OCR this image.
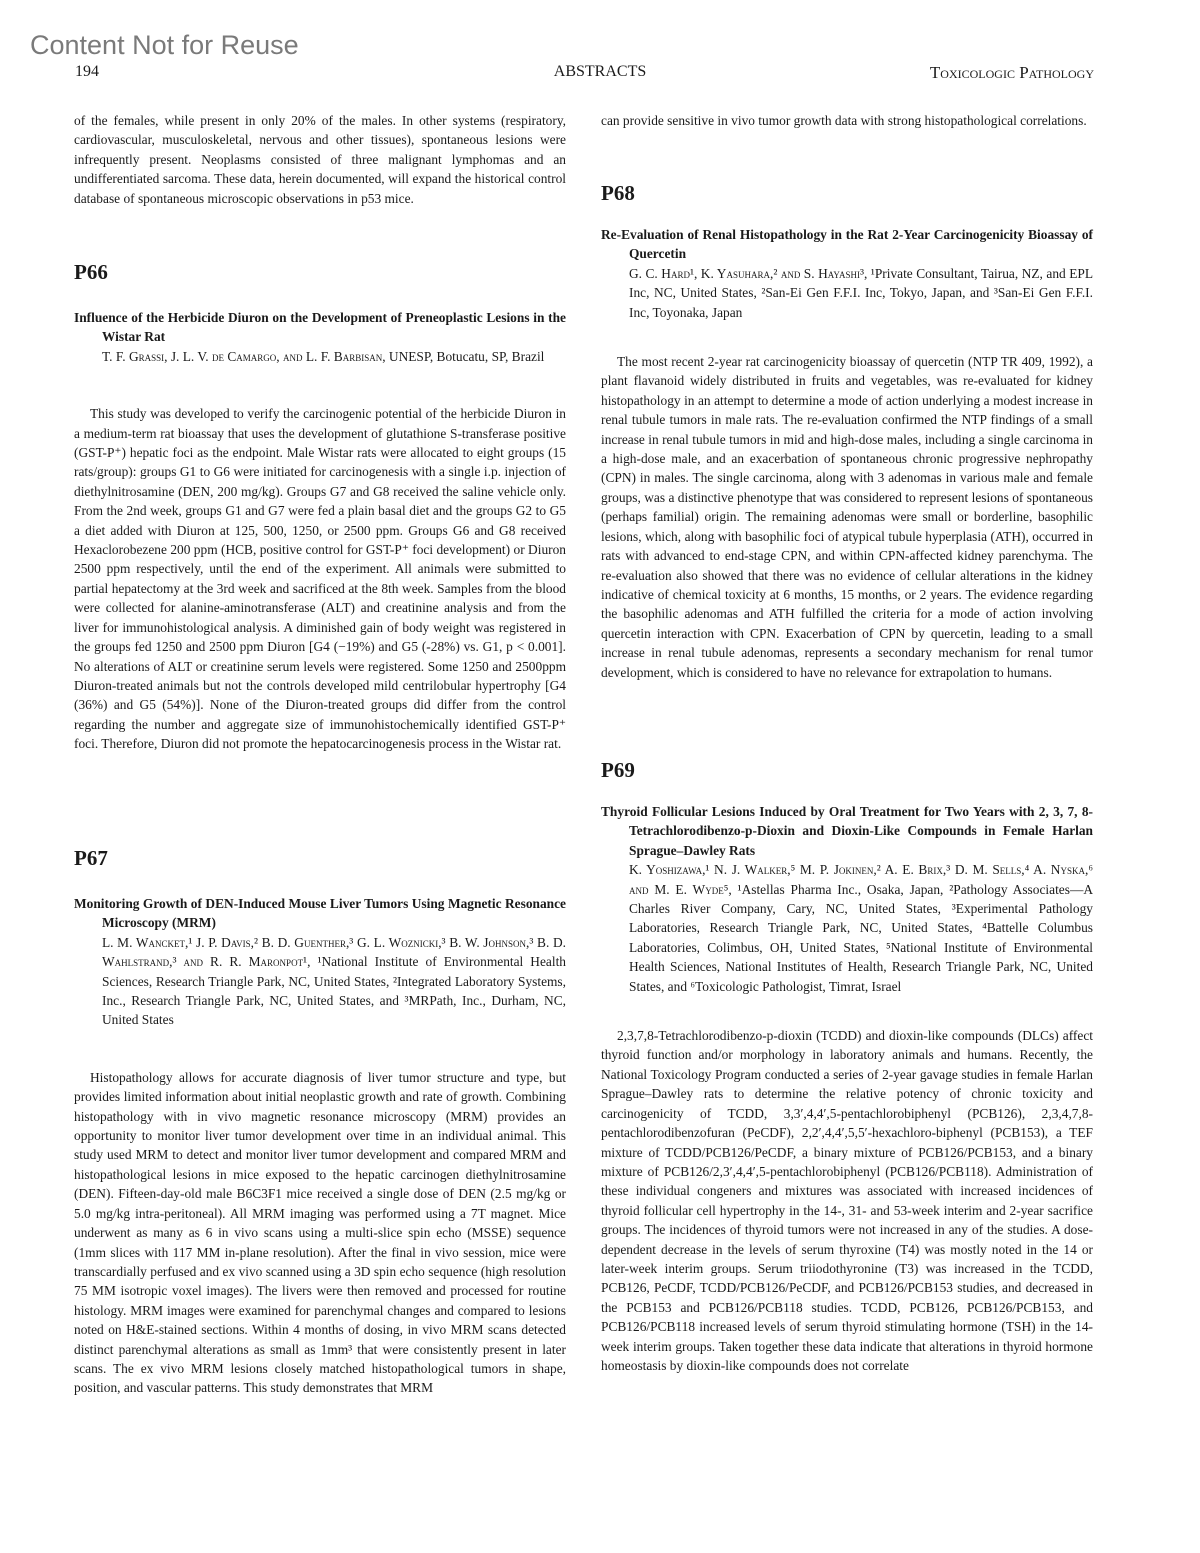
Content Not for Reuse
194	ABSTRACTS	Toxicologic Pathology
of the females, while present in only 20% of the males. In other systems (respiratory, cardiovascular, musculoskeletal, nervous and other tissues), spontaneous lesions were infrequently present. Neoplasms consisted of three malignant lymphomas and an undifferentiated sarcoma. These data, herein documented, will expand the historical control database of spontaneous microscopic observations in p53 mice.

P66

Influence of the Herbicide Diuron on the Development of Preneoplastic Lesions in the Wistar Rat

T. F. Grassi, J. L. V. de Camargo, and L. F. Barbisan, UNESP, Botucatu, SP, Brazil

This study was developed to verify the carcinogenic potential of the herbicide Diuron in a medium-term rat bioassay that uses the development of glutathione S-transferase positive (GST-P⁺) hepatic foci as the endpoint. Male Wistar rats were allocated to eight groups (15 rats/group): groups G1 to G6 were initiated for carcinogenesis with a single i.p. injection of diethylnitrosamine (DEN, 200 mg/kg). Groups G7 and G8 received the saline vehicle only. From the 2nd week, groups G1 and G7 were fed a plain basal diet and the groups G2 to G5 a diet added with Diuron at 125, 500, 1250, or 2500 ppm. Groups G6 and G8 received Hexaclorobezene 200 ppm (HCB, positive control for GST-P⁺ foci development) or Diuron 2500 ppm respectively, until the end of the experiment. All animals were submitted to partial hepatectomy at the 3rd week and sacrificed at the 8th week. Samples from the blood were collected for alanine-aminotransferase (ALT) and creatinine analysis and from the liver for immunohistological analysis. A diminished gain of body weight was registered in the groups fed 1250 and 2500 ppm Diuron [G4 (−19%) and G5 (-28%) vs. G1, p < 0.001]. No alterations of ALT or creatinine serum levels were registered. Some 1250 and 2500ppm Diuron-treated animals but not the controls developed mild centrilobular hypertrophy [G4 (36%) and G5 (54%)]. None of the Diuron-treated groups did differ from the control regarding the number and aggregate size of immunohistochemically identified GST-P⁺ foci. Therefore, Diuron did not promote the hepatocarcinogenesis process in the Wistar rat.

P67

Monitoring Growth of DEN-Induced Mouse Liver Tumors Using Magnetic Resonance Microscopy (MRM)

L. M. Wancket,¹ J. P. Davis,² B. D. Guenther,³ G. L. Woznicki,³ B. W. Johnson,³ B. D. Wahlstrand,³ and R. R. Maronpot¹, ¹National Institute of Environmental Health Sciences, Research Triangle Park, NC, United States, ²Integrated Laboratory Systems, Inc., Research Triangle Park, NC, United States, and ³MRPath, Inc., Durham, NC, United States

Histopathology allows for accurate diagnosis of liver tumor structure and type, but provides limited information about initial neoplastic growth and rate of growth. Combining histopathology with in vivo magnetic resonance microscopy (MRM) provides an opportunity to monitor liver tumor development over time in an individual animal. This study used MRM to detect and monitor liver tumor development and compared MRM and histopathological lesions in mice exposed to the hepatic carcinogen diethylnitrosamine (DEN). Fifteen-day-old male B6C3F1 mice received a single dose of DEN (2.5 mg/kg or 5.0 mg/kg intra-peritoneal). All MRM imaging was performed using a 7T magnet. Mice underwent as many as 6 in vivo scans using a multi-slice spin echo (MSSE) sequence (1mm slices with 117 MM in-plane resolution). After the final in vivo session, mice were transcardially perfused and ex vivo scanned using a 3D spin echo sequence (high resolution 75 MM isotropic voxel images). The livers were then removed and processed for routine histology. MRM images were examined for parenchymal changes and compared to lesions noted on H&E-stained sections. Within 4 months of dosing, in vivo MRM scans detected distinct parenchymal alterations as small as 1mm³ that were consistently present in later scans. The ex vivo MRM lesions closely matched histopathological tumors in shape, position, and vascular patterns. This study demonstrates that MRM

can provide sensitive in vivo tumor growth data with strong histopathological correlations.

P68

Re-Evaluation of Renal Histopathology in the Rat 2-Year Carcinogenicity Bioassay of Quercetin

G. C. Hard¹, K. Yasuhara,² and S. Hayashi³, ¹Private Consultant, Tairua, NZ, and EPL Inc, NC, United States, ²San-Ei Gen F.F.I. Inc, Tokyo, Japan, and ³San-Ei Gen F.F.I. Inc, Toyonaka, Japan

The most recent 2-year rat carcinogenicity bioassay of quercetin (NTP TR 409, 1992), a plant flavanoid widely distributed in fruits and vegetables, was re-evaluated for kidney histopathology in an attempt to determine a mode of action underlying a modest increase in renal tubule tumors in male rats. The re-evaluation confirmed the NTP findings of a small increase in renal tubule tumors in mid and high-dose males, including a single carcinoma in a high-dose male, and an exacerbation of spontaneous chronic progressive nephropathy (CPN) in males. The single carcinoma, along with 3 adenomas in various male and female groups, was a distinctive phenotype that was considered to represent lesions of spontaneous (perhaps familial) origin. The remaining adenomas were small or borderline, basophilic lesions, which, along with basophilic foci of atypical tubule hyperplasia (ATH), occurred in rats with advanced to end-stage CPN, and within CPN-affected kidney parenchyma. The re-evaluation also showed that there was no evidence of cellular alterations in the kidney indicative of chemical toxicity at 6 months, 15 months, or 2 years. The evidence regarding the basophilic adenomas and ATH fulfilled the criteria for a mode of action involving quercetin interaction with CPN. Exacerbation of CPN by quercetin, leading to a small increase in renal tubule adenomas, represents a secondary mechanism for renal tumor development, which is considered to have no relevance for extrapolation to humans.

P69

Thyroid Follicular Lesions Induced by Oral Treatment for Two Years with 2, 3, 7, 8-Tetrachlorodibenzo-p-Dioxin and Dioxin-Like Compounds in Female Harlan Sprague–Dawley Rats

K. Yoshizawa,¹ N. J. Walker,⁵ M. P. Jokinen,² A. E. Brix,³ D. M. Sells,⁴ A. Nyska,⁶ and M. E. Wyde⁵, ¹Astellas Pharma Inc., Osaka, Japan, ²Pathology Associates—A Charles River Company, Cary, NC, United States, ³Experimental Pathology Laboratories, Research Triangle Park, NC, United States, ⁴Battelle Columbus Laboratories, Colimbus, OH, United States, ⁵National Institute of Environmental Health Sciences, National Institutes of Health, Research Triangle Park, NC, United States, and ⁶Toxicologic Pathologist, Timrat, Israel

2,3,7,8-Tetrachlorodibenzo-p-dioxin (TCDD) and dioxin-like compounds (DLCs) affect thyroid function and/or morphology in laboratory animals and humans. Recently, the National Toxicology Program conducted a series of 2-year gavage studies in female Harlan Sprague–Dawley rats to determine the relative potency of chronic toxicity and carcinogenicity of TCDD, 3,3′,4,4′,5-pentachlorobiphenyl (PCB126), 2,3,4,7,8-pentachlorodibenzofuran (PeCDF), 2,2′,4,4′,5,5′-hexachloro-biphenyl (PCB153), a TEF mixture of TCDD/PCB126/PeCDF, a binary mixture of PCB126/PCB153, and a binary mixture of PCB126/2,3′,4,4′,5-pentachlorobiphenyl (PCB126/PCB118). Administration of these individual congeners and mixtures was associated with increased incidences of thyroid follicular cell hypertrophy in the 14-, 31- and 53-week interim and 2-year sacrifice groups. The incidences of thyroid tumors were not increased in any of the studies. A dose-dependent decrease in the levels of serum thyroxine (T4) was mostly noted in the 14 or later-week interim groups. Serum triiodothyronine (T3) was increased in the TCDD, PCB126, PeCDF, TCDD/PCB126/PeCDF, and PCB126/PCB153 studies, and decreased in the PCB153 and PCB126/PCB118 studies. TCDD, PCB126, PCB126/PCB153, and PCB126/PCB118 increased levels of serum thyroid stimulating hormone (TSH) in the 14-week interim groups. Taken together these data indicate that alterations in thyroid hormone homeostasis by dioxin-like compounds does not correlate
